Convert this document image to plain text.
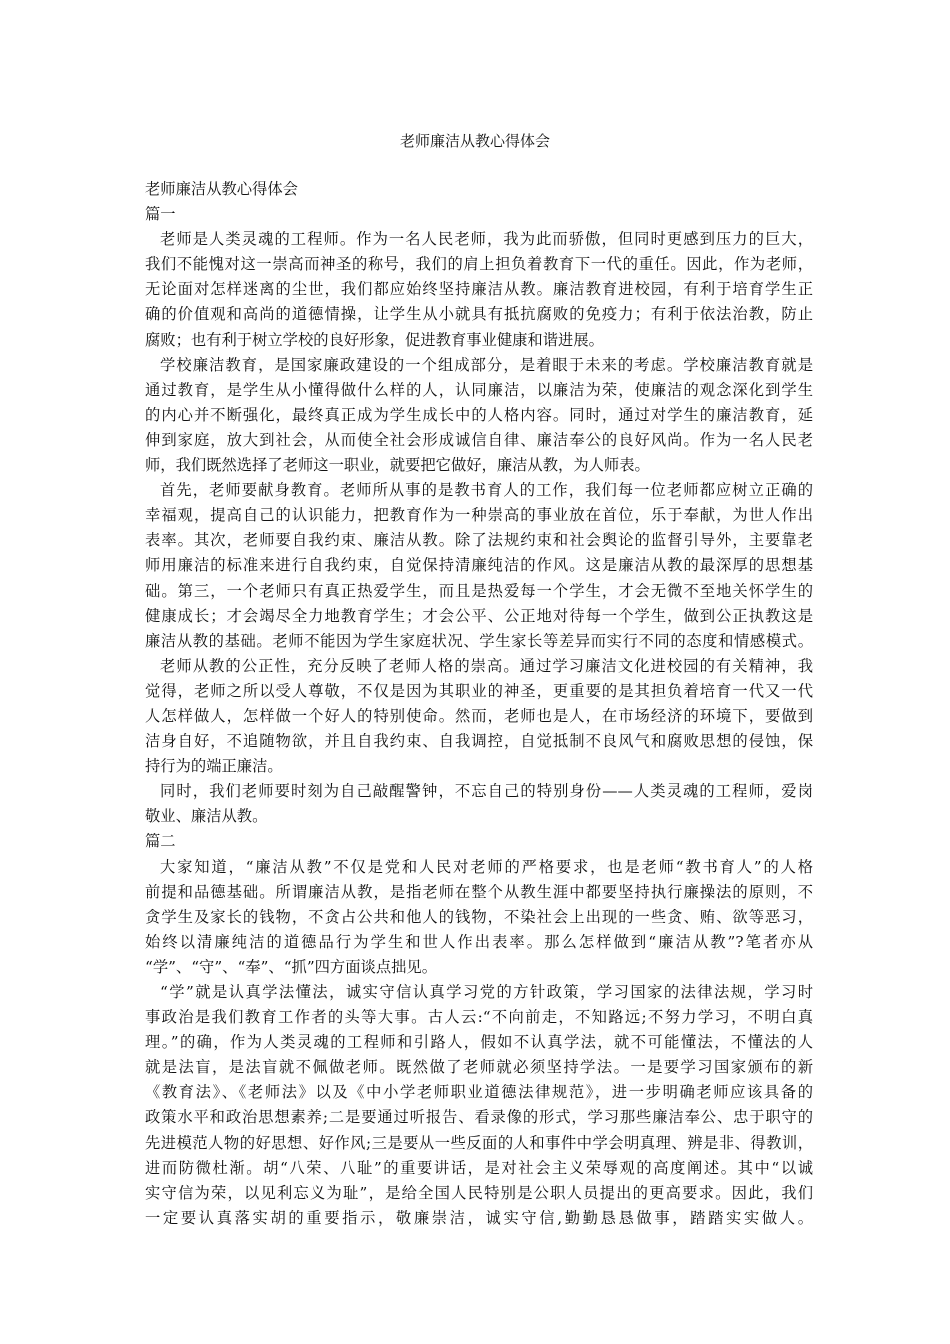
老师廉洁从教心得体会
老师廉洁从教心得体会
篇一
老师是人类灵魂的工程师。作为一名人民老师，我为此而骄傲，但同时更感到压力的巨大，
我们不能愧对这一崇高而神圣的称号，我们的肩上担负着教育下一代的重任。因此，作为老师，
无论面对怎样迷离的尘世，我们都应始终坚持廉洁从教。廉洁教育进校园，有利于培育学生正
确的价值观和高尚的道德情操，让学生从小就具有抵抗腐败的免疫力；有利于依法治教，防止
腐败；也有利于树立学校的良好形象，促进教育事业健康和谐进展。
学校廉洁教育，是国家廉政建设的一个组成部分，是着眼于未来的考虑。学校廉洁教育就是
通过教育，是学生从小懂得做什么样的人，认同廉洁，以廉洁为荣，使廉洁的观念深化到学生
的内心并不断强化，最终真正成为学生成长中的人格内容。同时，通过对学生的廉洁教育，延
伸到家庭，放大到社会，从而使全社会形成诚信自律、廉洁奉公的良好风尚。作为一名人民老
师，我们既然选择了老师这一职业，就要把它做好，廉洁从教，为人师表。
首先，老师要献身教育。老师所从事的是教书育人的工作，我们每一位老师都应树立正确的
幸福观，提高自己的认识能力，把教育作为一种崇高的事业放在首位，乐于奉献，为世人作出
表率。其次，老师要自我约束、廉洁从教。除了法规约束和社会舆论的监督引导外，主要靠老
师用廉洁的标准来进行自我约束，自觉保持清廉纯洁的作风。这是廉洁从教的最深厚的思想基
础。第三，一个老师只有真正热爱学生，而且是热爱每一个学生，才会无微不至地关怀学生的
健康成长；才会竭尽全力地教育学生；才会公平、公正地对待每一个学生，做到公正执教这是
廉洁从教的基础。老师不能因为学生家庭状况、学生家长等差异而实行不同的态度和情感模式。
老师从教的公正性，充分反映了老师人格的崇高。通过学习廉洁文化进校园的有关精神，我
觉得，老师之所以受人尊敬，不仅是因为其职业的神圣，更重要的是其担负着培育一代又一代
人怎样做人，怎样做一个好人的特别使命。然而，老师也是人，在市场经济的环境下，要做到
洁身自好，不追随物欲，并且自我约束、自我调控，自觉抵制不良风气和腐败思想的侵蚀，保
持行为的端正廉洁。
同时，我们老师要时刻为自己敲醒警钟，不忘自己的特别身份——人类灵魂的工程师，爱岗
敬业、廉洁从教。
篇二
大家知道，“廉洁从教”不仅是党和人民对老师的严格要求，也是老师“教书育人”的人格
前提和品德基础。所谓廉洁从教，是指老师在整个从教生涯中都要坚持执行廉操法的原则，不
贪学生及家长的钱物，不贪占公共和他人的钱物，不染社会上出现的一些贪、贿、欲等恶习，
始终以清廉纯洁的道德品行为学生和世人作出表率。那么怎样做到“廉洁从教”?笔者亦从
“学”、“守”、“奉”、“抓”四方面谈点拙见。
“学”就是认真学法懂法，诚实守信认真学习党的方针政策，学习国家的法律法规，学习时
事政治是我们教育工作者的头等大事。古人云:“不向前走，不知路远;不努力学习，不明白真
理。”的确，作为人类灵魂的工程师和引路人，假如不认真学法，就不可能懂法，不懂法的人
就是法盲，是法盲就不佩做老师。既然做了老师就必须坚持学法。一是要学习国家颁布的新
《教育法》、《老师法》以及《中小学老师职业道德法律规范》，进一步明确老师应该具备的
政策水平和政治思想素养;二是要通过听报告、看录像的形式，学习那些廉洁奉公、忠于职守的
先进模范人物的好思想、好作风;三是要从一些反面的人和事件中学会明真理、辨是非、得教训，
进而防微杜渐。胡“八荣、八耻”的重要讲话，是对社会主义荣辱观的高度阐述。其中“以诚
实守信为荣，以见利忘义为耻”，是给全国人民特别是公职人员提出的更高要求。因此，我们
一定要认真落实胡的重要指示，敬廉崇洁，诚实守信,勤勤恳恳做事，踏踏实实做人。
